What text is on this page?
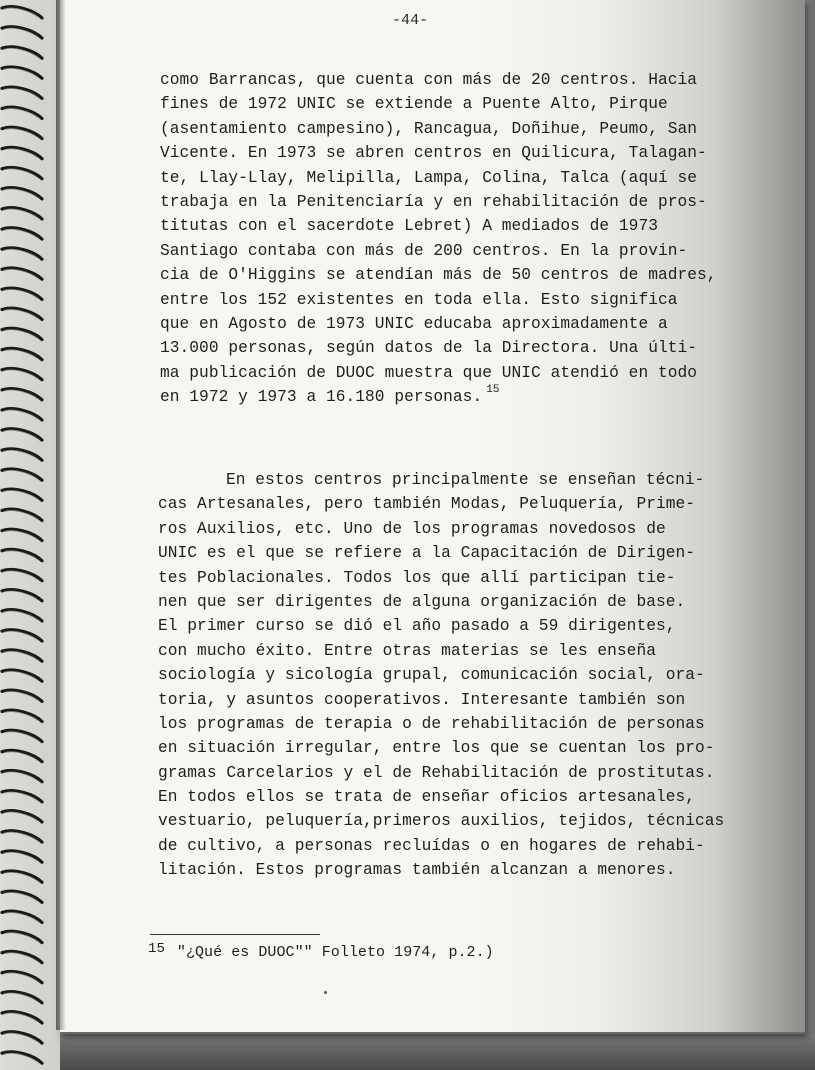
-44-
como Barrancas, que cuenta con más de 20 centros. Hacia
fines de 1972 UNIC se extiende a Puente Alto, Pirque
(asentamiento campesino), Rancagua, Doñihue, Peumo, San
Vicente. En 1973 se abren centros en Quilicura, Talagan-
te, Llay-Llay, Melipilla, Lampa, Colina, Talca (aquí se
trabaja en la Penitenciaría y en rehabilitación de pros-
titutas con el sacerdote Lebret) A mediados de 1973
Santiago contaba con más de 200 centros. En la provin-
cia de O'Higgins se atendían más de 50 centros de madres,
entre los 152 existentes en toda ella. Esto significa
que en Agosto de 1973 UNIC educaba aproximadamente a
13.000 personas, según datos de la Directora. Una últi-
ma publicación de DUOC muestra que UNIC atendió en todo
en 1972 y 1973 a 16.180 personas. $^{15}$
En estos centros principalmente se enseñan técni-
cas Artesanales, pero también Modas, Peluquería, Prime-
ros Auxilios, etc. Uno de los programas novedosos de
UNIC es el que se refiere a la Capacitación de Dirigen-
tes Poblacionales. Todos los que allí participan tie-
nen que ser dirigentes de alguna organización de base.
El primer curso se dió el año pasado a 59 dirigentes,
con mucho éxito. Entre otras materias se les enseña
sociología y sicología grupal, comunicación social, ora-
toria, y asuntos cooperativos. Interesante también son
los programas de terapia o de rehabilitación de personas
en situación irregular, entre los que se cuentan los pro-
gramas Carcelarios y el de Rehabilitación de prostitutas.
En todos ellos se trata de enseñar oficios artesanales,
vestuario, peluquería,primeros auxilios, tejidos, técnicas
de cultivo, a personas recluídas o en hogares de rehabi-
litación. Estos programas también alcanzan a menores.
15 "¿Qué es DUOC"" Folleto 1974, p.2.)
